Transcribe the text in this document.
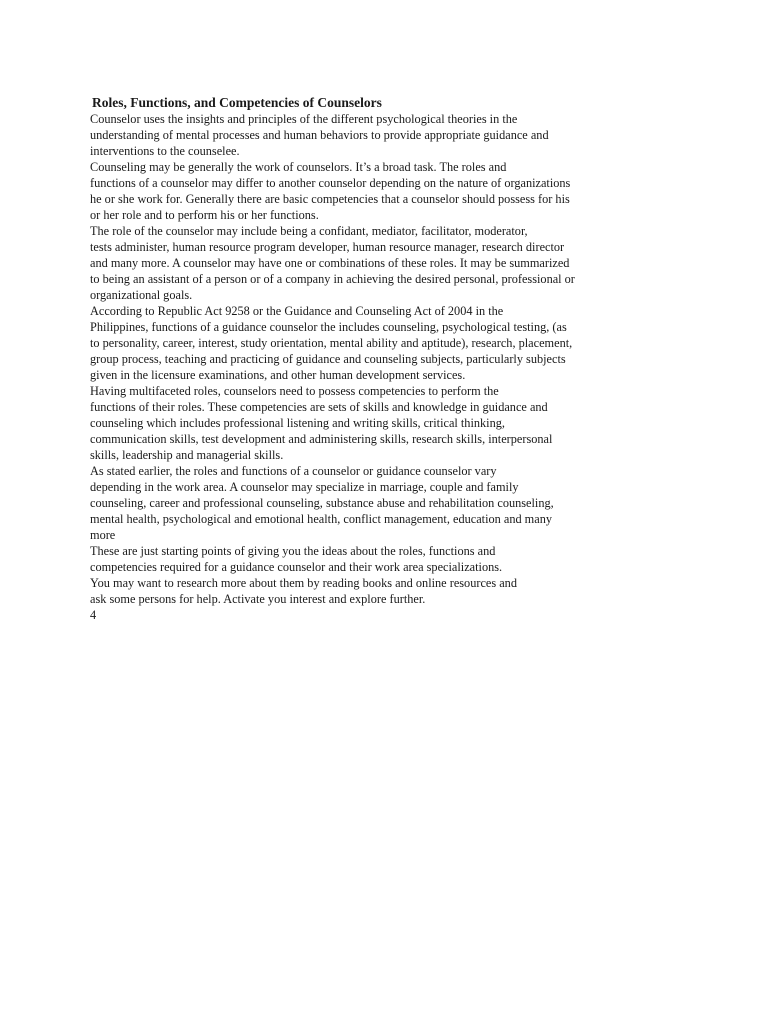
Roles, Functions, and Competencies of Counselors
Counselor uses the insights and principles of the different psychological theories in the
understanding of mental processes and human behaviors to provide appropriate guidance and
interventions to the counselee.
Counseling may be generally the work of counselors. It’s a broad task. The roles and
functions of a counselor may differ to another counselor depending on the nature of organizations
he or she work for. Generally there are basic competencies that a counselor should possess for his
or her role and to perform his or her functions.
The role of the counselor may include being a confidant, mediator, facilitator, moderator,
tests administer, human resource program developer, human resource manager, research director
and many more. A counselor may have one or combinations of these roles. It may be summarized
to being an assistant of a person or of a company in achieving the desired personal, professional or
organizational goals.
According to Republic Act 9258 or the Guidance and Counseling Act of 2004 in the
Philippines, functions of a guidance counselor the includes counseling, psychological testing, (as
to personality, career, interest, study orientation, mental ability and aptitude), research, placement,
group process, teaching and practicing of guidance and counseling subjects, particularly subjects
given in the licensure examinations, and other human development services.
Having multifaceted roles, counselors need to possess competencies to perform the
functions of their roles. These competencies are sets of skills and knowledge in guidance and
counseling which includes professional listening and writing skills, critical thinking,
communication skills, test development and administering skills, research skills, interpersonal
skills, leadership and managerial skills.
As stated earlier, the roles and functions of a counselor or guidance counselor vary
depending in the work area. A counselor may specialize in marriage, couple and family
counseling, career and professional counseling, substance abuse and rehabilitation counseling,
mental health, psychological and emotional health, conflict management, education and many
more
These are just starting points of giving you the ideas about the roles, functions and
competencies required for a guidance counselor and their work area specializations.
You may want to research more about them by reading books and online resources and
ask some persons for help. Activate you interest and explore further.
4
